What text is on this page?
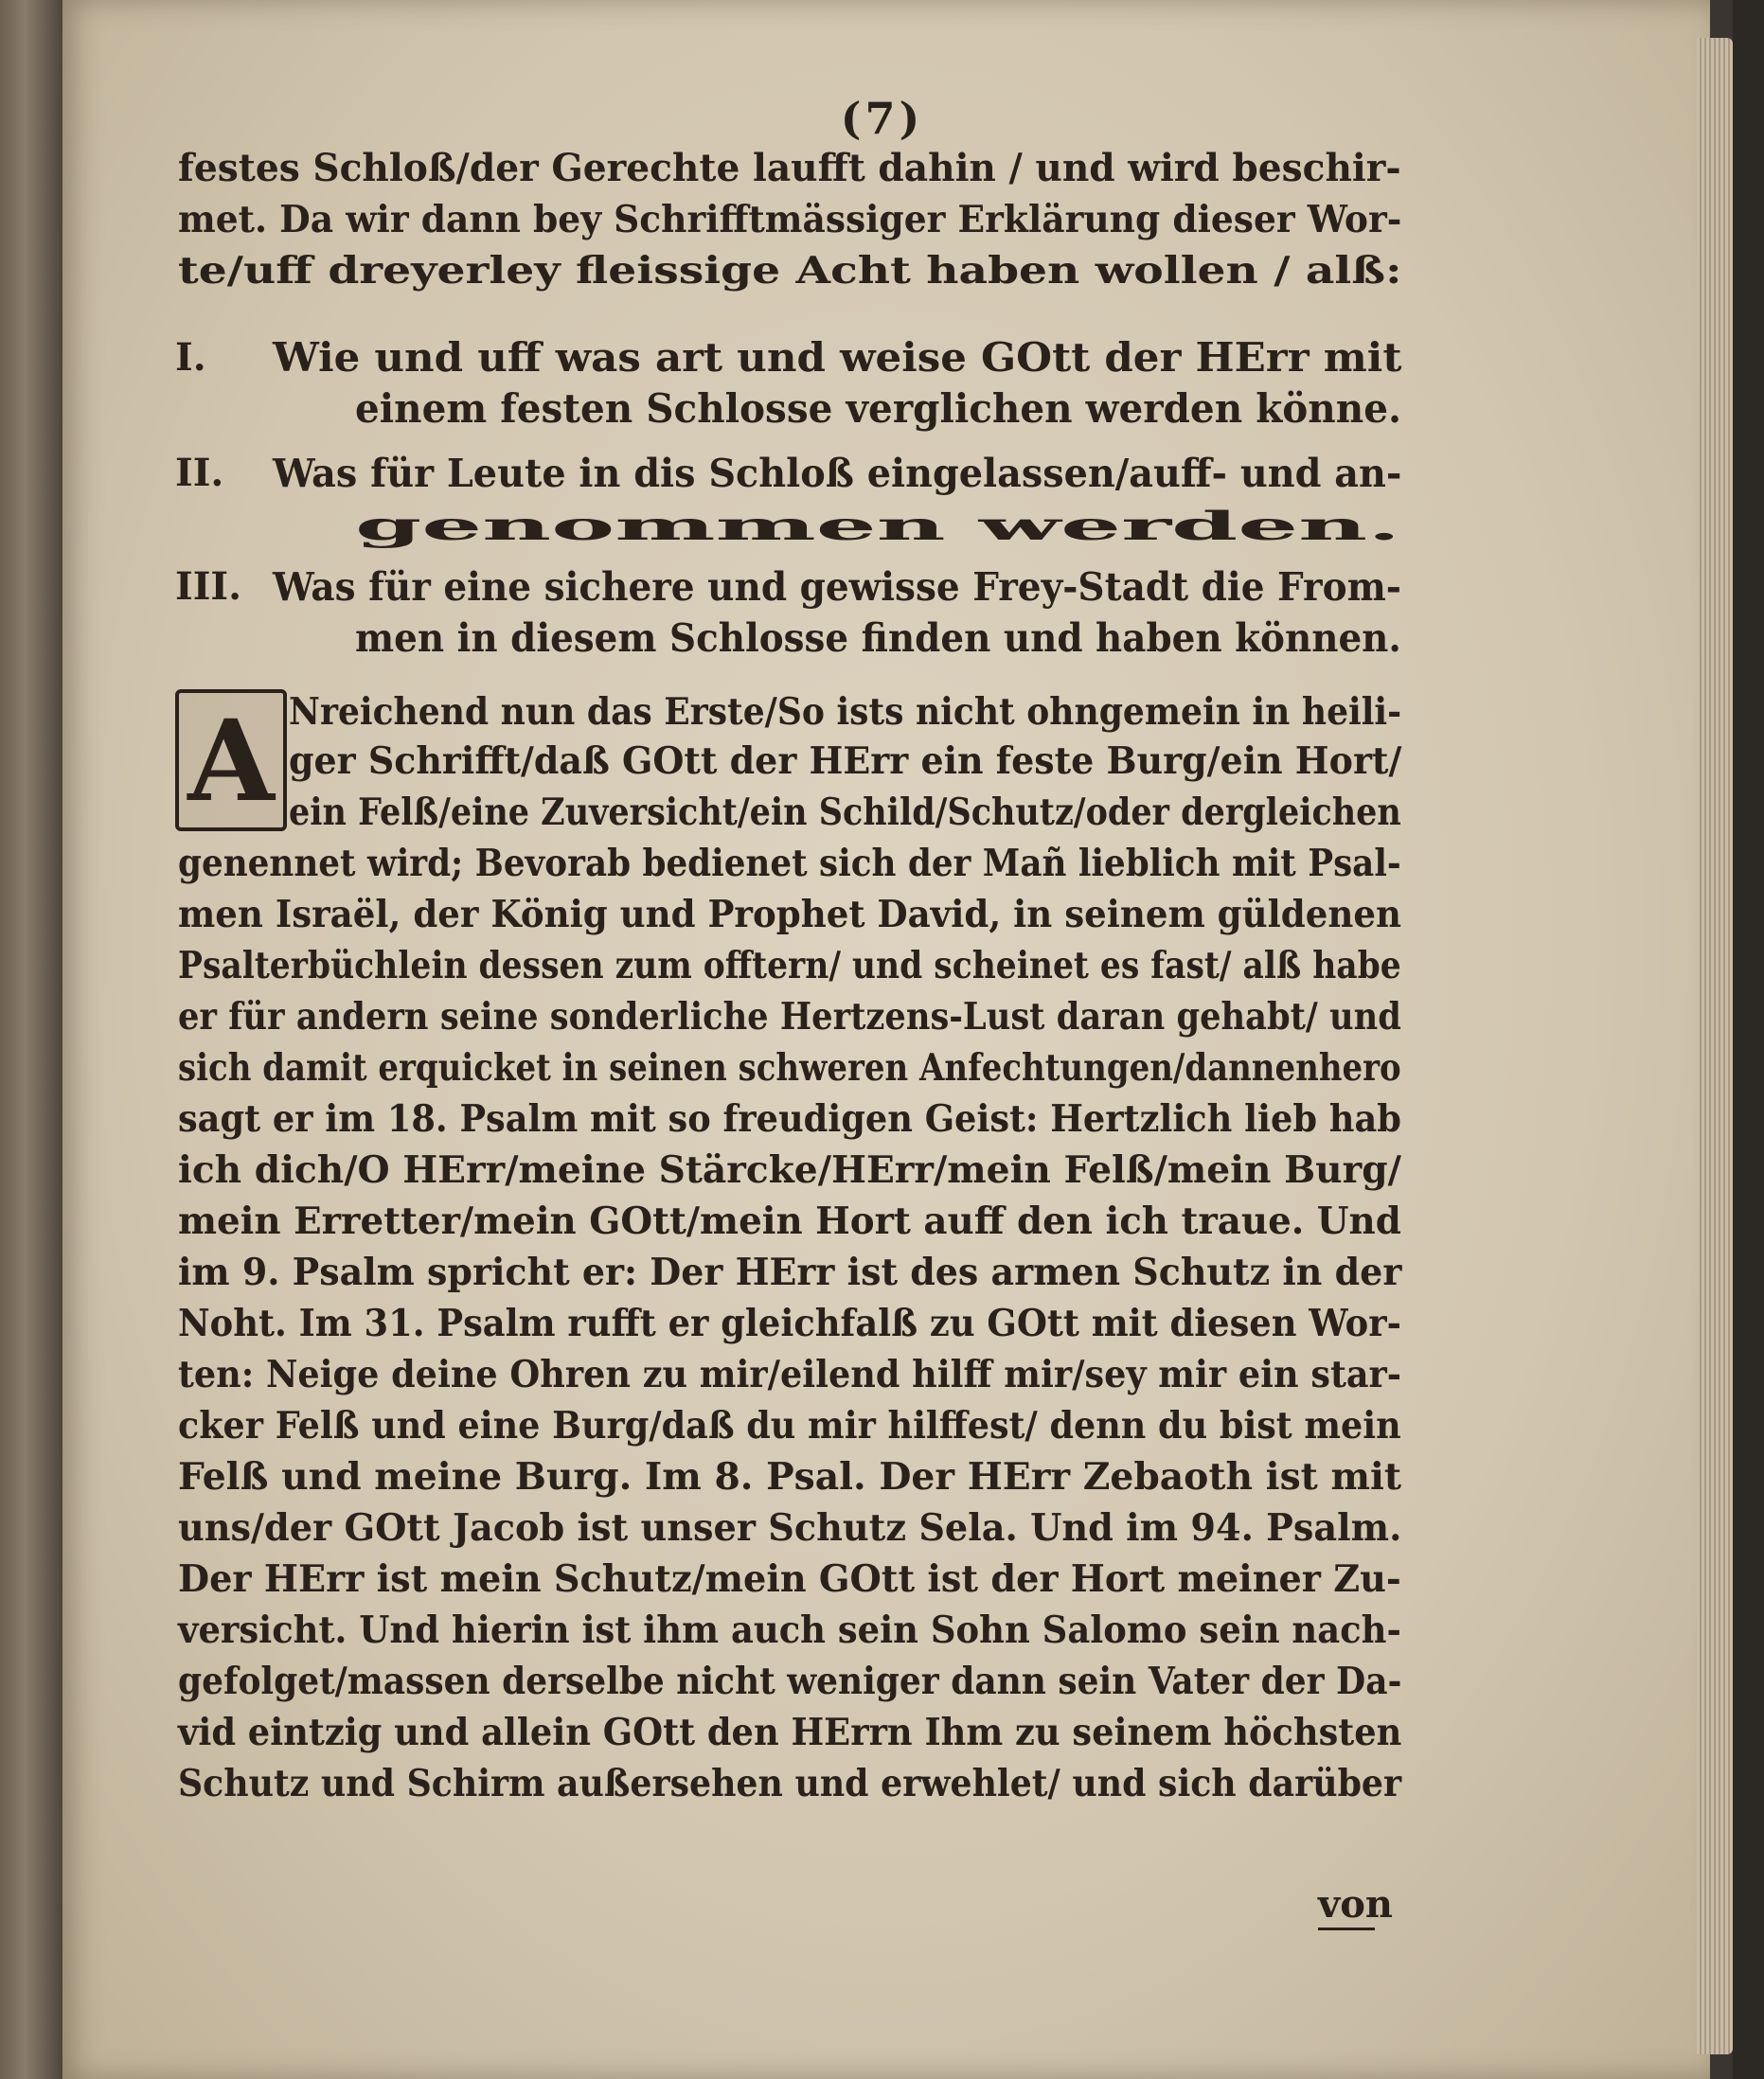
(7)
festes Schloß/der Gerechte laufft dahin / und wird beschir-
met. Da wir dann bey Schrifftmässiger Erklärung dieser Wor-
te/uff dreyerley fleissige Acht haben wollen / alß:
I. Wie und uff was art und weise GOtt der HErr mit
einem festen Schlosse verglichen werden könne.
II. Was für Leute in dis Schloß eingelassen/auff- und an-
genommen werden.
III. Was für eine sichere und gewisse Frey-Stadt die From-
men in diesem Schlosse finden und haben können.
A Nreichend nun das Erste/So ists nicht ohngemein in heili-
ger Schrifft/daß GOtt der HErr ein feste Burg/ein Hort/
ein Felß/eine Zuversicht/ein Schild/Schutz/oder dergleichen
genennet wird; Bevorab bedienet sich der Mañ lieblich mit Psal-
men Israël, der König und Prophet David, in seinem güldenen
Psalterbüchlein dessen zum offtern/ und scheinet es fast/ alß habe
er für andern seine sonderliche Hertzens-Lust daran gehabt/ und
sich damit erquicket in seinen schweren Anfechtungen/dannenhero
sagt er im 18. Psalm mit so freudigen Geist: Hertzlich lieb hab
ich dich/O HErr/meine Stärcke/HErr/mein Felß/mein Burg/
mein Erretter/mein GOtt/mein Hort auff den ich traue. Und
im 9. Psalm spricht er: Der HErr ist des armen Schutz in der
Noht. Im 31. Psalm rufft er gleichfalß zu GOtt mit diesen Wor-
ten: Neige deine Ohren zu mir/eilend hilff mir/sey mir ein star-
cker Felß und eine Burg/daß du mir hilffest/ denn du bist mein
Felß und meine Burg. Im 8. Psal. Der HErr Zebaoth ist mit
uns/der GOtt Jacob ist unser Schutz Sela. Und im 94. Psalm.
Der HErr ist mein Schutz/mein GOtt ist der Hort meiner Zu-
versicht. Und hierin ist ihm auch sein Sohn Salomo sein nach-
gefolget/massen derselbe nicht weniger dann sein Vater der Da-
vid eintzig und allein GOtt den HErrn Ihm zu seinem höchsten
Schutz und Schirm außersehen und erwehlet/ und sich darüber
von
